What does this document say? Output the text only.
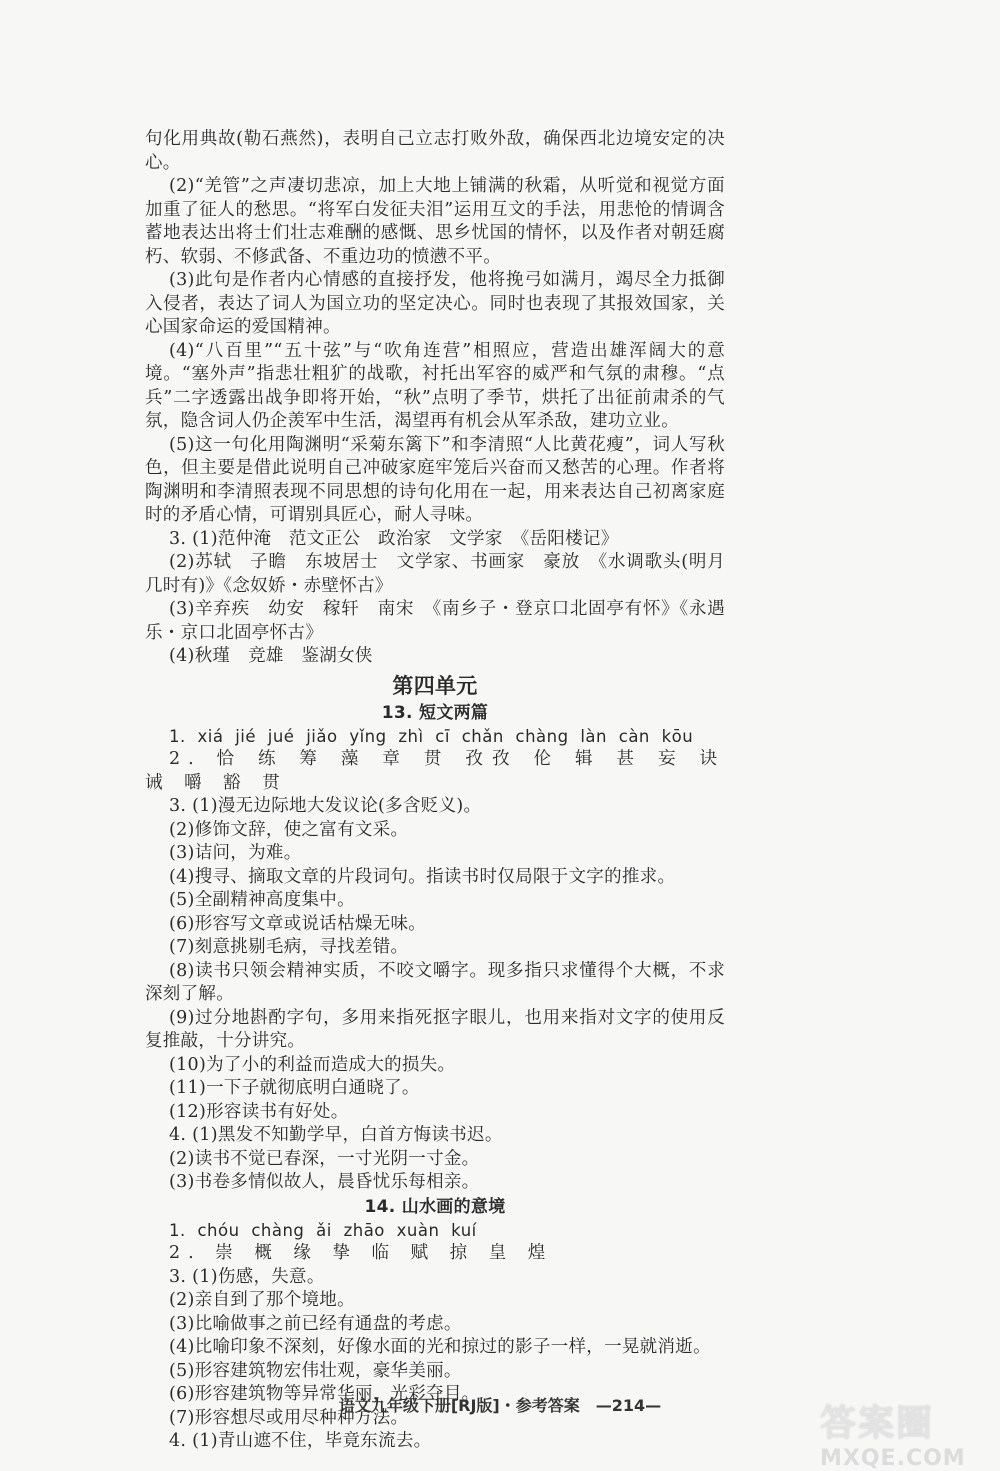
句化用典故(勒石燕然)，表明自己立志打败外敌，确保西北边境安定的决心。

(2)“羌管”之声凄切悲凉，加上大地上铺满的秋霜，从听觉和视觉方面加重了征人的愁思。“将军白发征夫泪”运用互文的手法，用悲怆的情调含蓄地表达出将士们壮志难酬的感慨、思乡忧国的情怀，以及作者对朝廷腐朽、软弱、不修武备、不重边功的愤懑不平。

(3)此句是作者内心情感的直接抒发，他将挽弓如满月，竭尽全力抵御入侵者，表达了词人为国立功的坚定决心。同时也表现了其报效国家，关心国家命运的爱国精神。

(4)“八百里”“五十弦”与“吹角连营”相照应，营造出雄浑阔大的意境。“塞外声”指悲壮粗犷的战歌，衬托出军容的威严和气氛的肃穆。“点兵”二字透露出战争即将开始，“秋”点明了季节，烘托了出征前肃杀的气氛，隐含词人仍企羡军中生活，渴望再有机会从军杀敌，建功立业。

(5)这一句化用陶渊明“采菊东篱下”和李清照“人比黄花瘦”，词人写秋色，但主要是借此说明自己冲破家庭牢笼后兴奋而又愁苦的心理。作者将陶渊明和李清照表现不同思想的诗句化用在一起，用来表达自己初离家庭时的矛盾心情，可谓别具匠心，耐人寻味。

3. (1)范仲淹　范文正公　政治家　文学家　《岳阳楼记》

(2)苏轼　子瞻　东坡居士　文学家、书画家　豪放　《水调歌头(明月几时有)》《念奴娇・赤壁怀古》

(3)辛弃疾　幼安　稼轩　南宋　《南乡子・登京口北固亭有怀》《永遇乐・京口北固亭怀古》

(4)秋瑾　竞雄　鉴湖女侠

第四单元
13. 短文两篇

1. xiá jié jué jiǎo yǐng zhì cī chǎn chàng làn càn kōu

2. 恰 练 筹 藻 章 贯 孜孜 伦 辑 甚 妄 诀 诫 嚼 豁 贯

3. (1)漫无边际地大发议论(多含贬义)。

(2)修饰文辞，使之富有文采。

(3)诘问，为难。

(4)搜寻、摘取文章的片段词句。指读书时仅局限于文字的推求。

(5)全副精神高度集中。

(6)形容写文章或说话枯燥无味。

(7)刻意挑剔毛病，寻找差错。

(8)读书只领会精神实质，不咬文嚼字。现多指只求懂得个大概，不求深刻了解。

(9)过分地斟酌字句，多用来指死抠字眼儿，也用来指对文字的使用反复推敲，十分讲究。

(10)为了小的利益而造成大的损失。

(11)一下子就彻底明白通晓了。

(12)形容读书有好处。

4. (1)黑发不知勤学早，白首方悔读书迟。

(2)读书不觉已春深，一寸光阴一寸金。

(3)书卷多情似故人，晨昏忧乐每相亲。

14. 山水画的意境

1. chóu chàng ǎi zhāo xuàn kuí

2. 崇 概 缘 挚 临 赋 掠 皇 煌

3. (1)伤感，失意。

(2)亲自到了那个境地。

(3)比喻做事之前已经有通盘的考虑。

(4)比喻印象不深刻，好像水面的光和掠过的影子一样，一晃就消逝。

(5)形容建筑物宏伟壮观，豪华美丽。

(6)形容建筑物等异常华丽，光彩夺目。

(7)形容想尽或用尽种种方法。

4. (1)青山遮不住，毕竟东流去。

语文九年级下册[RJ版]・参考答案　—214—	答案圈
MXQE.COM
